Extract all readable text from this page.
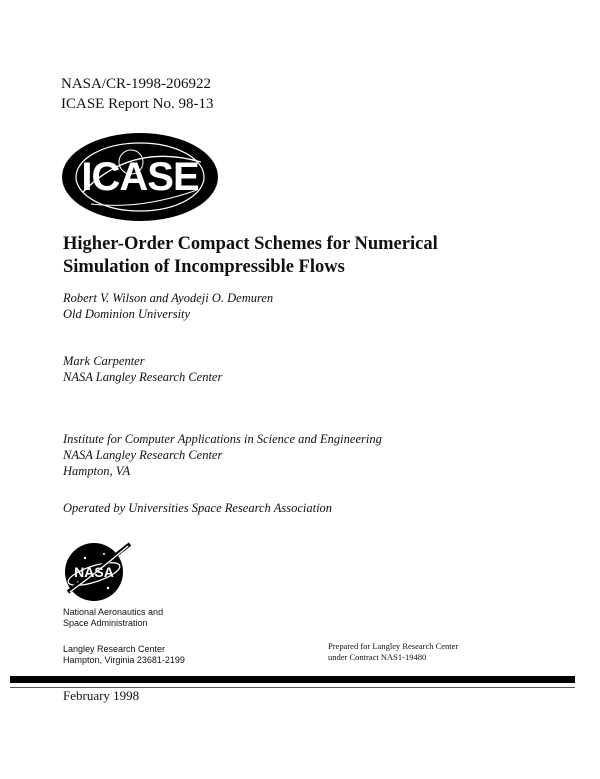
NASA/CR-1998-206922
ICASE Report No. 98-13
ICASE
Higher-Order Compact Schemes for Numerical
Simulation of Incompressible Flows
Robert V. Wilson and Ayodeji O. Demuren
Old Dominion University
Mark Carpenter
NASA Langley Research Center
Institute for Computer Applications in Science and Engineering
NASA Langley Research Center
Hampton, VA
Operated by Universities Space Research Association
NASA
National Aeronautics and
Space Administration
Langley Research Center
Hampton, Virginia 23681-2199
Prepared for Langley Research Center
under Contract NAS1-19480
February 1998
